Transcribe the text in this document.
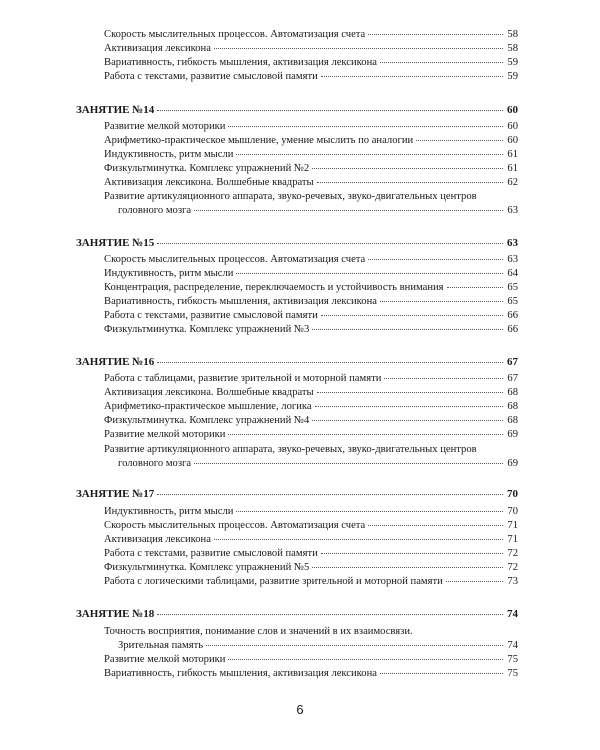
Скорость мыслительных процессов. Автоматизация счета	58
Активизация лексикона	58
Вариативность, гибкость мышления, активизация лексикона	59
Работа с текстами, развитие смысловой памяти	59
ЗАНЯТИЕ №14	60
Развитие мелкой моторики	60
Арифметико-практическое мышление, умение мыслить по аналогии	60
Индуктивность, ритм мысли	61
Физкультминутка. Комплекс упражнений №2	61
Активизация лексикона. Волшебные квадраты	62
Развитие артикуляционного аппарата, звуко-речевых, звуко-двигательных центров
головного мозга	63
ЗАНЯТИЕ №15	63
Скорость мыслительных процессов. Автоматизация счета	63
Индуктивность, ритм мысли	64
Концентрация, распределение, переключаемость и устойчивость внимания	65
Вариативность, гибкость мышления, активизация лексикона	65
Работа с текстами, развитие смысловой памяти	66
Физкультминутка. Комплекс упражнений №3	66
ЗАНЯТИЕ №16	67
Работа с таблицами, развитие зрительной и моторной памяти	67
Активизация лексикона. Волшебные квадраты	68
Арифметико-практическое мышление, логика	68
Физкультминутка. Комплекс упражнений №4	68
Развитие мелкой моторики	69
Развитие артикуляционного аппарата, звуко-речевых, звуко-двигательных центров
головного мозга	69
ЗАНЯТИЕ №17	70
Индуктивность, ритм мысли	70
Скорость мыслительных процессов. Автоматизация счета	71
Активизация лексикона	71
Работа с текстами, развитие смысловой памяти	72
Физкультминутка. Комплекс упражнений №5	72
Работа с логическими таблицами, развитие зрительной и моторной памяти	73
ЗАНЯТИЕ №18	74
Точность восприятия, понимание слов и значений в их взаимосвязи.
Зрительная память	74
Развитие мелкой моторики	75
Вариативность, гибкость мышления, активизация лексикона	75
6
